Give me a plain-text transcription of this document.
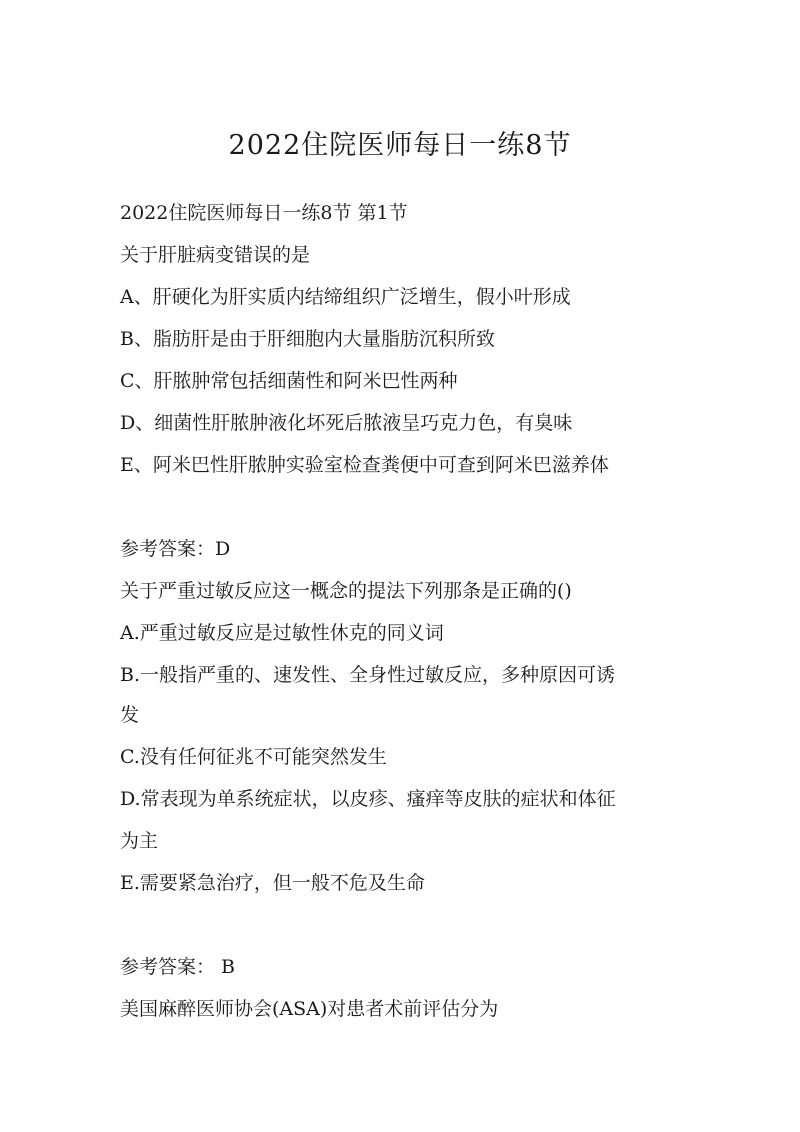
2022住院医师每日一练8节
2022住院医师每日一练8节 第1节
关于肝脏病变错误的是
A、肝硬化为肝实质内结缔组织广泛增生，假小叶形成
B、脂肪肝是由于肝细胞内大量脂肪沉积所致
C、肝脓肿常包括细菌性和阿米巴性两种
D、细菌性肝脓肿液化坏死后脓液呈巧克力色，有臭味
E、阿米巴性肝脓肿实验室检查粪便中可查到阿米巴滋养体
参考答案：D
关于严重过敏反应这一概念的提法下列那条是正确的()
A.严重过敏反应是过敏性休克的同义词
B.一般指严重的、速发性、全身性过敏反应，多种原因可诱
发
C.没有任何征兆不可能突然发生
D.常表现为单系统症状，以皮疹、瘙痒等皮肤的症状和体征
为主
E.需要紧急治疗，但一般不危及生命
参考答案： B
美国麻醉医师协会(ASA)对患者术前评估分为
